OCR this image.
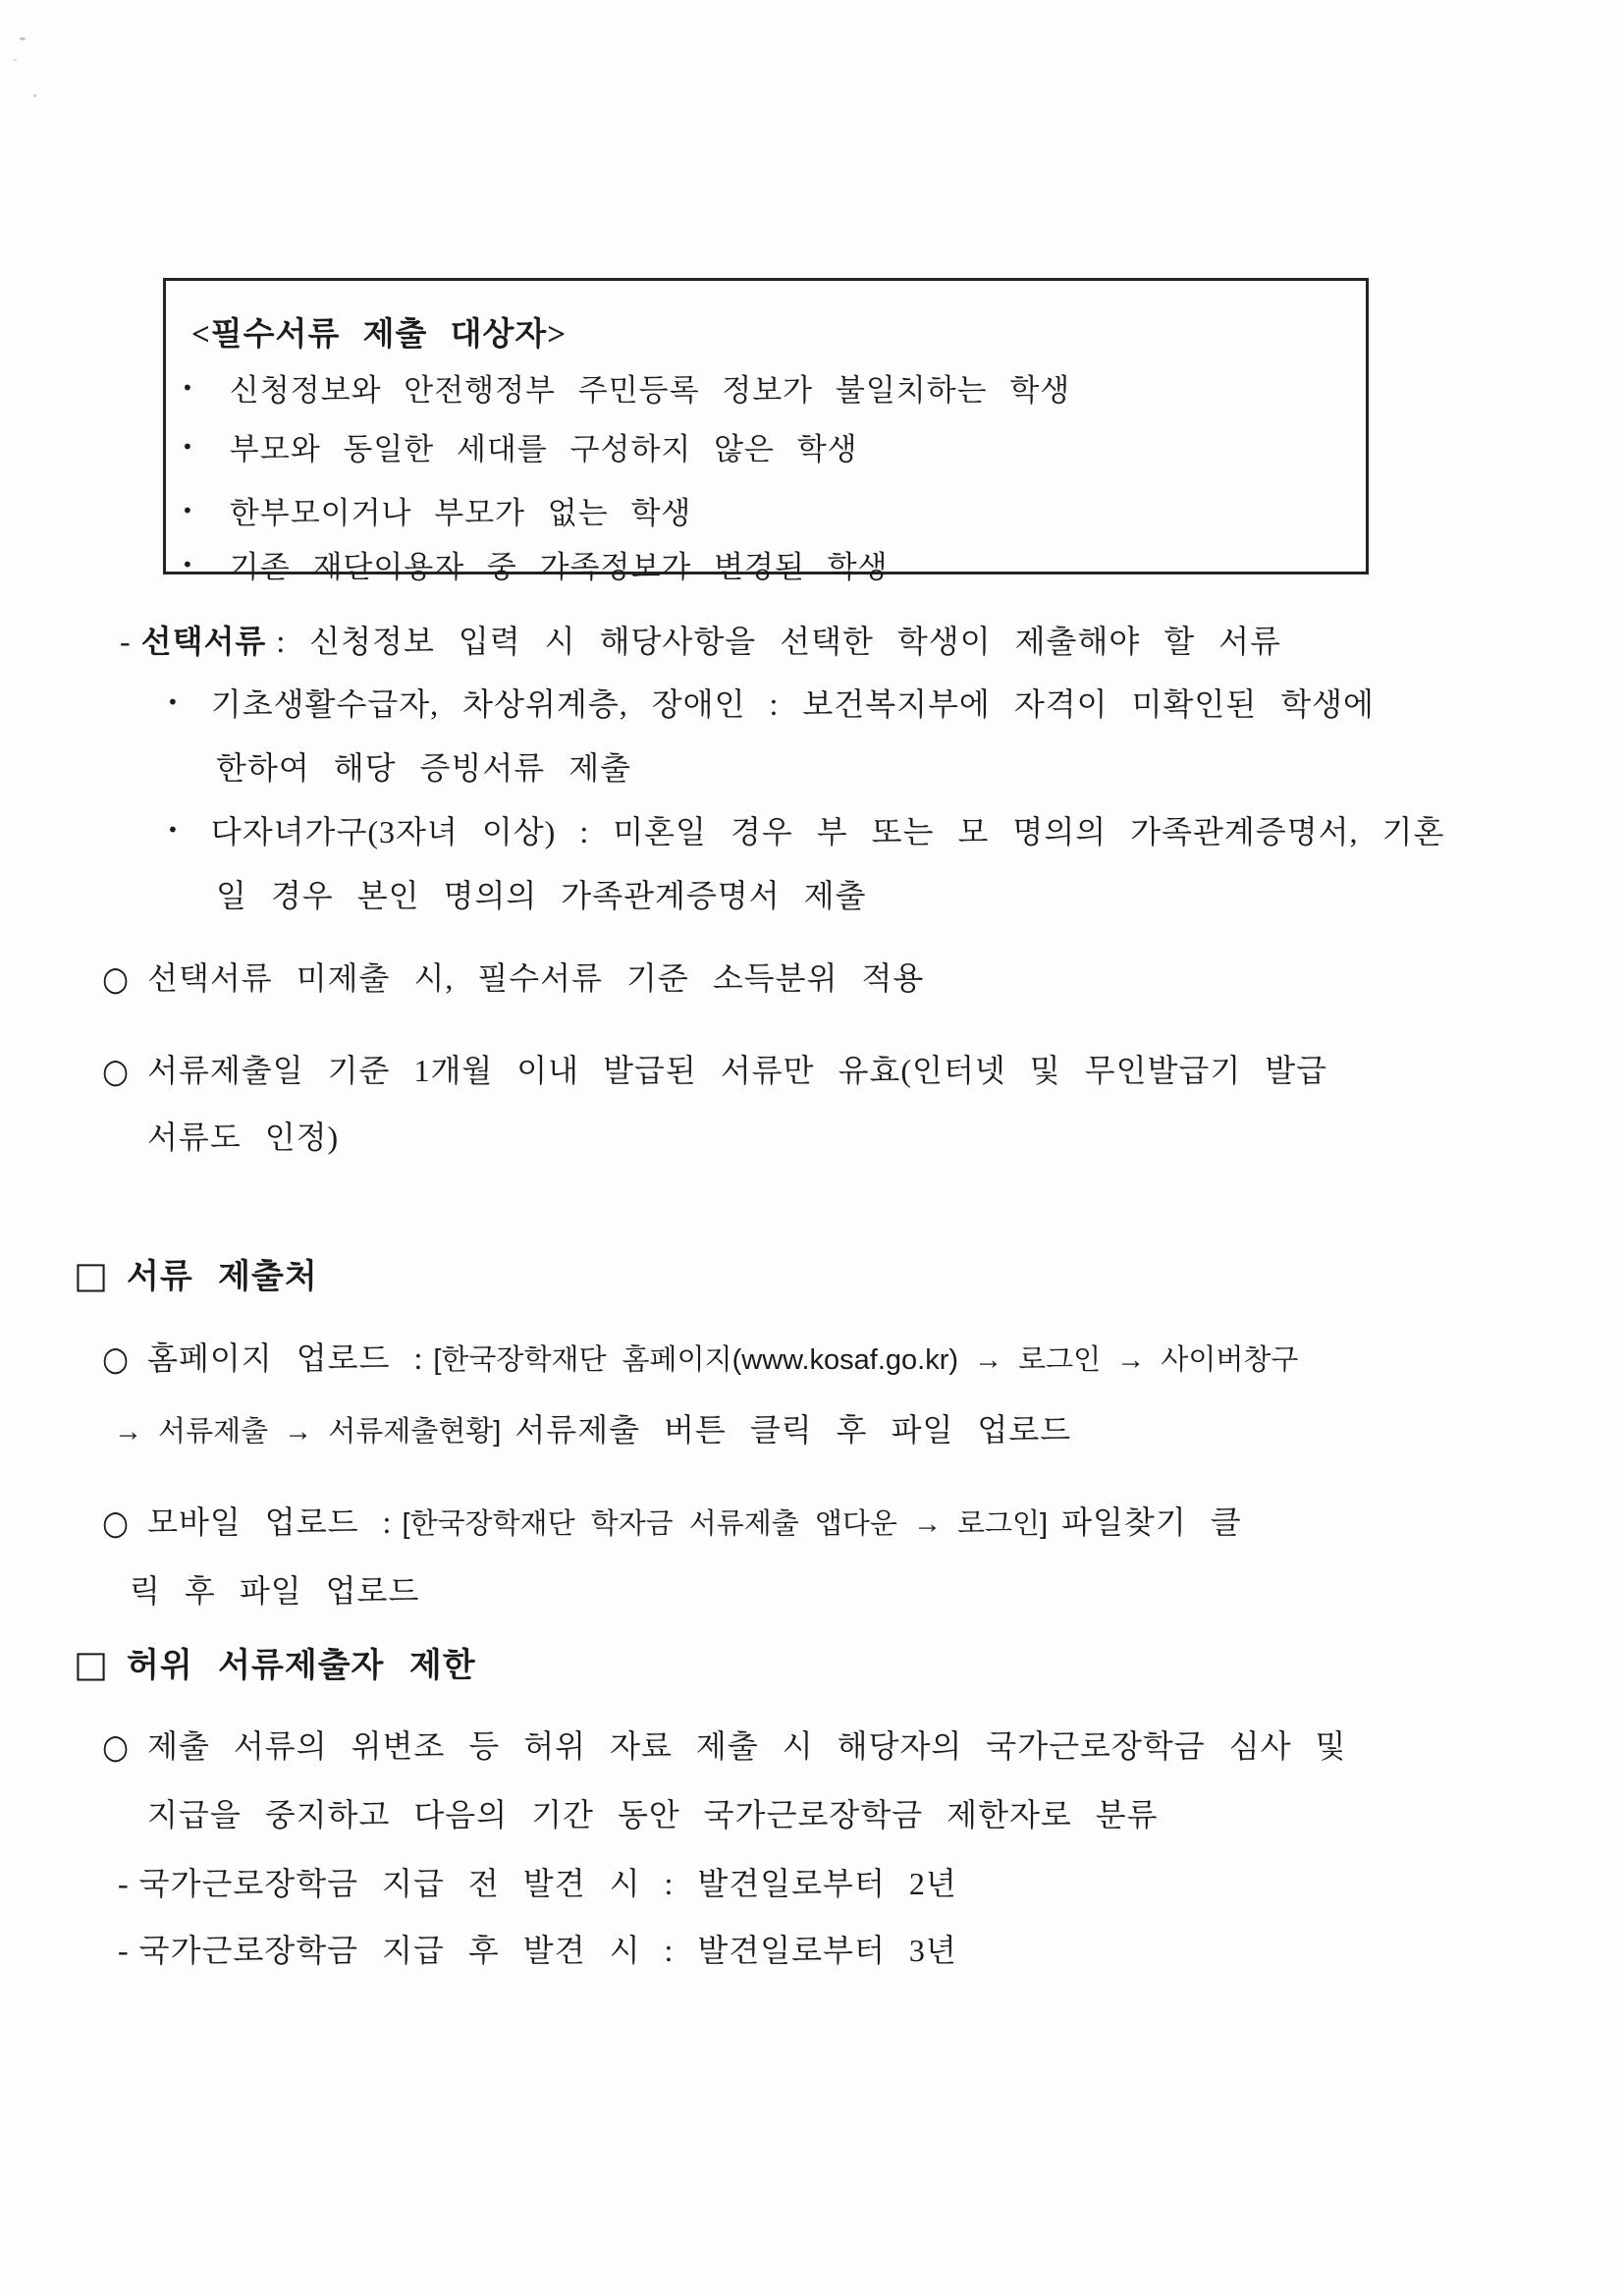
<필수서류 제출 대상자>
• 신청정보와 안전행정부 주민등록 정보가 불일치하는 학생
• 부모와 동일한 세대를 구성하지 않은 학생
• 한부모이거나 부모가 없는 학생
• 기존 재단이용자 중 가족정보가 변경된 학생
- 선택서류 : 신청정보 입력 시 해당사항을 선택한 학생이 제출해야 할 서류
• 기초생활수급자, 차상위계층, 장애인 : 보건복지부에 자격이 미확인된 학생에
한하여 해당 증빙서류 제출
• 다자녀가구(3자녀 이상) : 미혼일 경우 부 또는 모 명의의 가족관계증명서, 기혼
일 경우 본인 명의의 가족관계증명서 제출
○ 선택서류 미제출 시, 필수서류 기준 소득분위 적용
○ 서류제출일 기준 1개월 이내 발급된 서류만 유효(인터넷 및 무인발급기 발급
서류도 인정)
□ 서류 제출처
○ 홈페이지 업로드 : [한국장학재단 홈페이지(www.kosaf.go.kr) → 로그인 → 사이버창구
→ 서류제출 → 서류제출현황] 서류제출 버튼 클릭 후 파일 업로드
○ 모바일 업로드 : [한국장학재단 학자금 서류제출 앱다운 → 로그인] 파일찾기 클
릭 후 파일 업로드
□ 허위 서류제출자 제한
○ 제출 서류의 위변조 등 허위 자료 제출 시 해당자의 국가근로장학금 심사 및
지급을 중지하고 다음의 기간 동안 국가근로장학금 제한자로 분류
- 국가근로장학금 지급 전 발견 시 : 발견일로부터 2년
- 국가근로장학금 지급 후 발견 시 : 발견일로부터 3년
